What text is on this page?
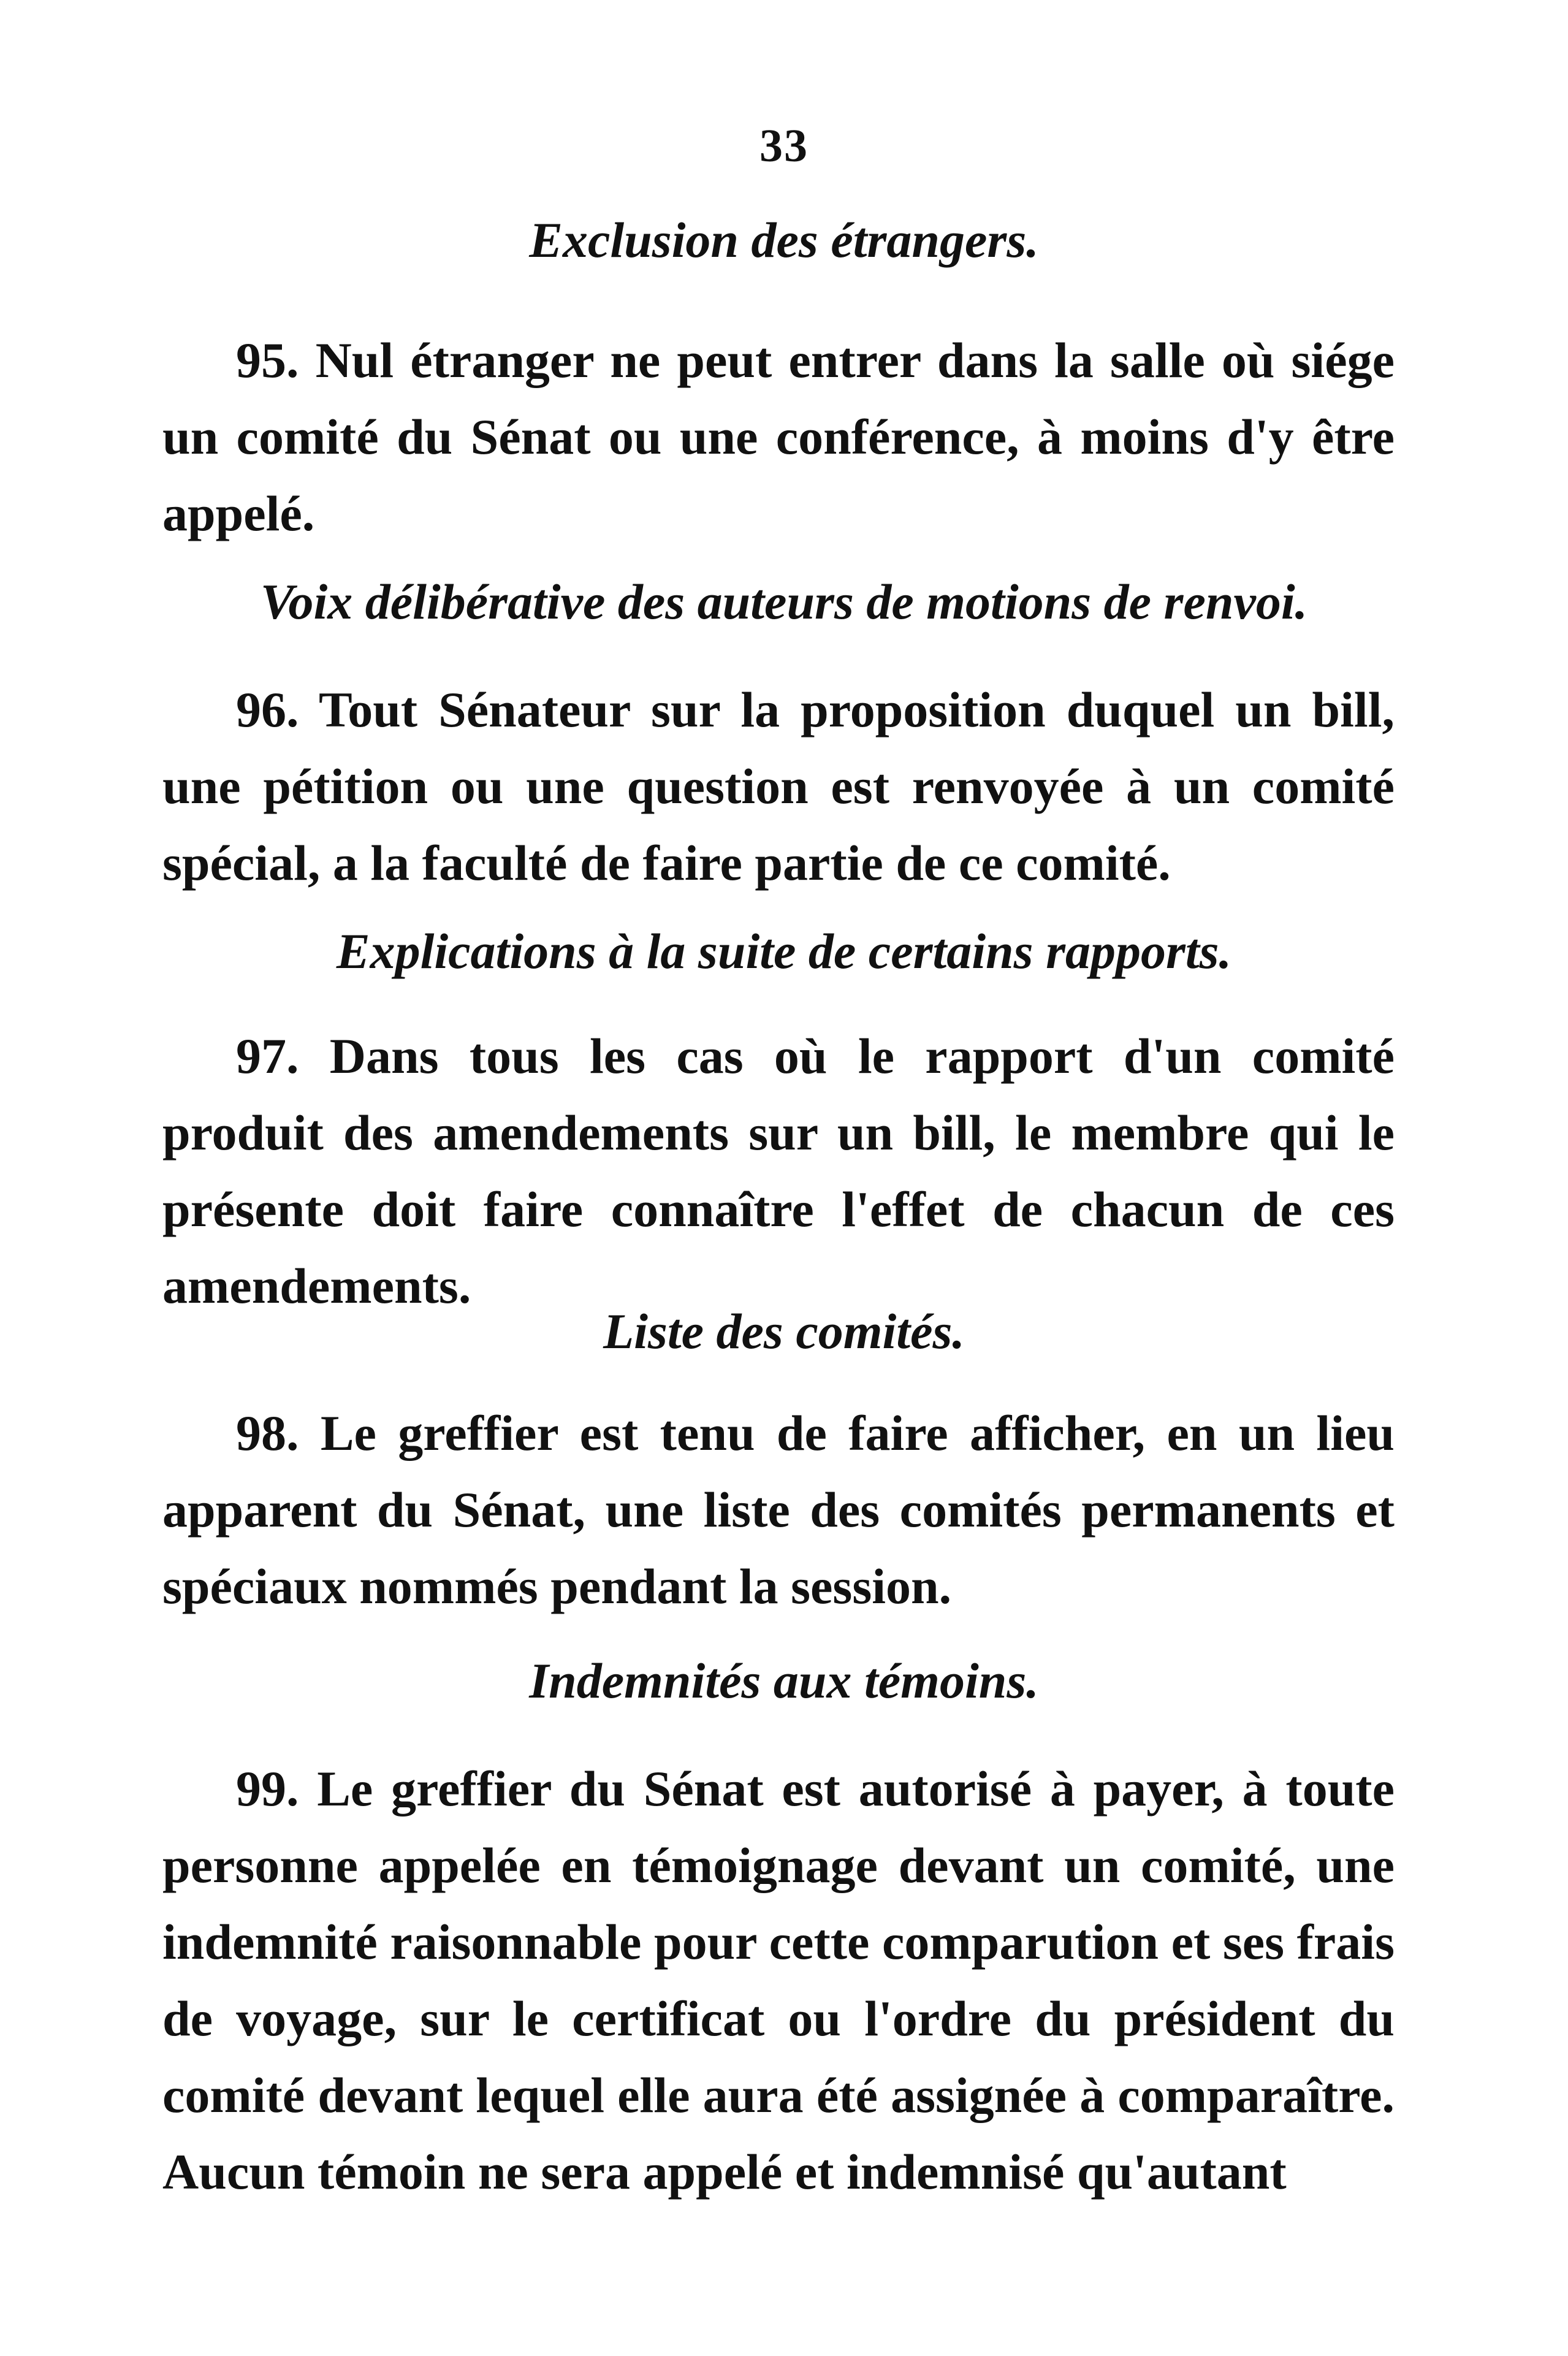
33
Exclusion des étrangers.
95. Nul étranger ne peut entrer dans la salle où siége un comité du Sénat ou une conférence, à moins d'y être appelé.
Voix délibérative des auteurs de motions de renvoi.
96. Tout Sénateur sur la proposition duquel un bill, une pétition ou une question est renvoyée à un comité spécial, a la faculté de faire partie de ce comité.
Explications à la suite de certains rapports.
97. Dans tous les cas où le rapport d'un comité produit des amendements sur un bill, le membre qui le présente doit faire connaître l'effet de chacun de ces amendements.
Liste des comités.
98. Le greffier est tenu de faire afficher, en un lieu apparent du Sénat, une liste des comités permanents et spéciaux nommés pendant la session.
Indemnités aux témoins.
99. Le greffier du Sénat est autorisé à payer, à toute personne appelée en témoignage devant un comité, une indemnité raisonnable pour cette comparution et ses frais de voyage, sur le certificat ou l'ordre du président du comité devant lequel elle aura été assignée à comparaître. Aucun témoin ne sera appelé et indemnisé qu'autant
